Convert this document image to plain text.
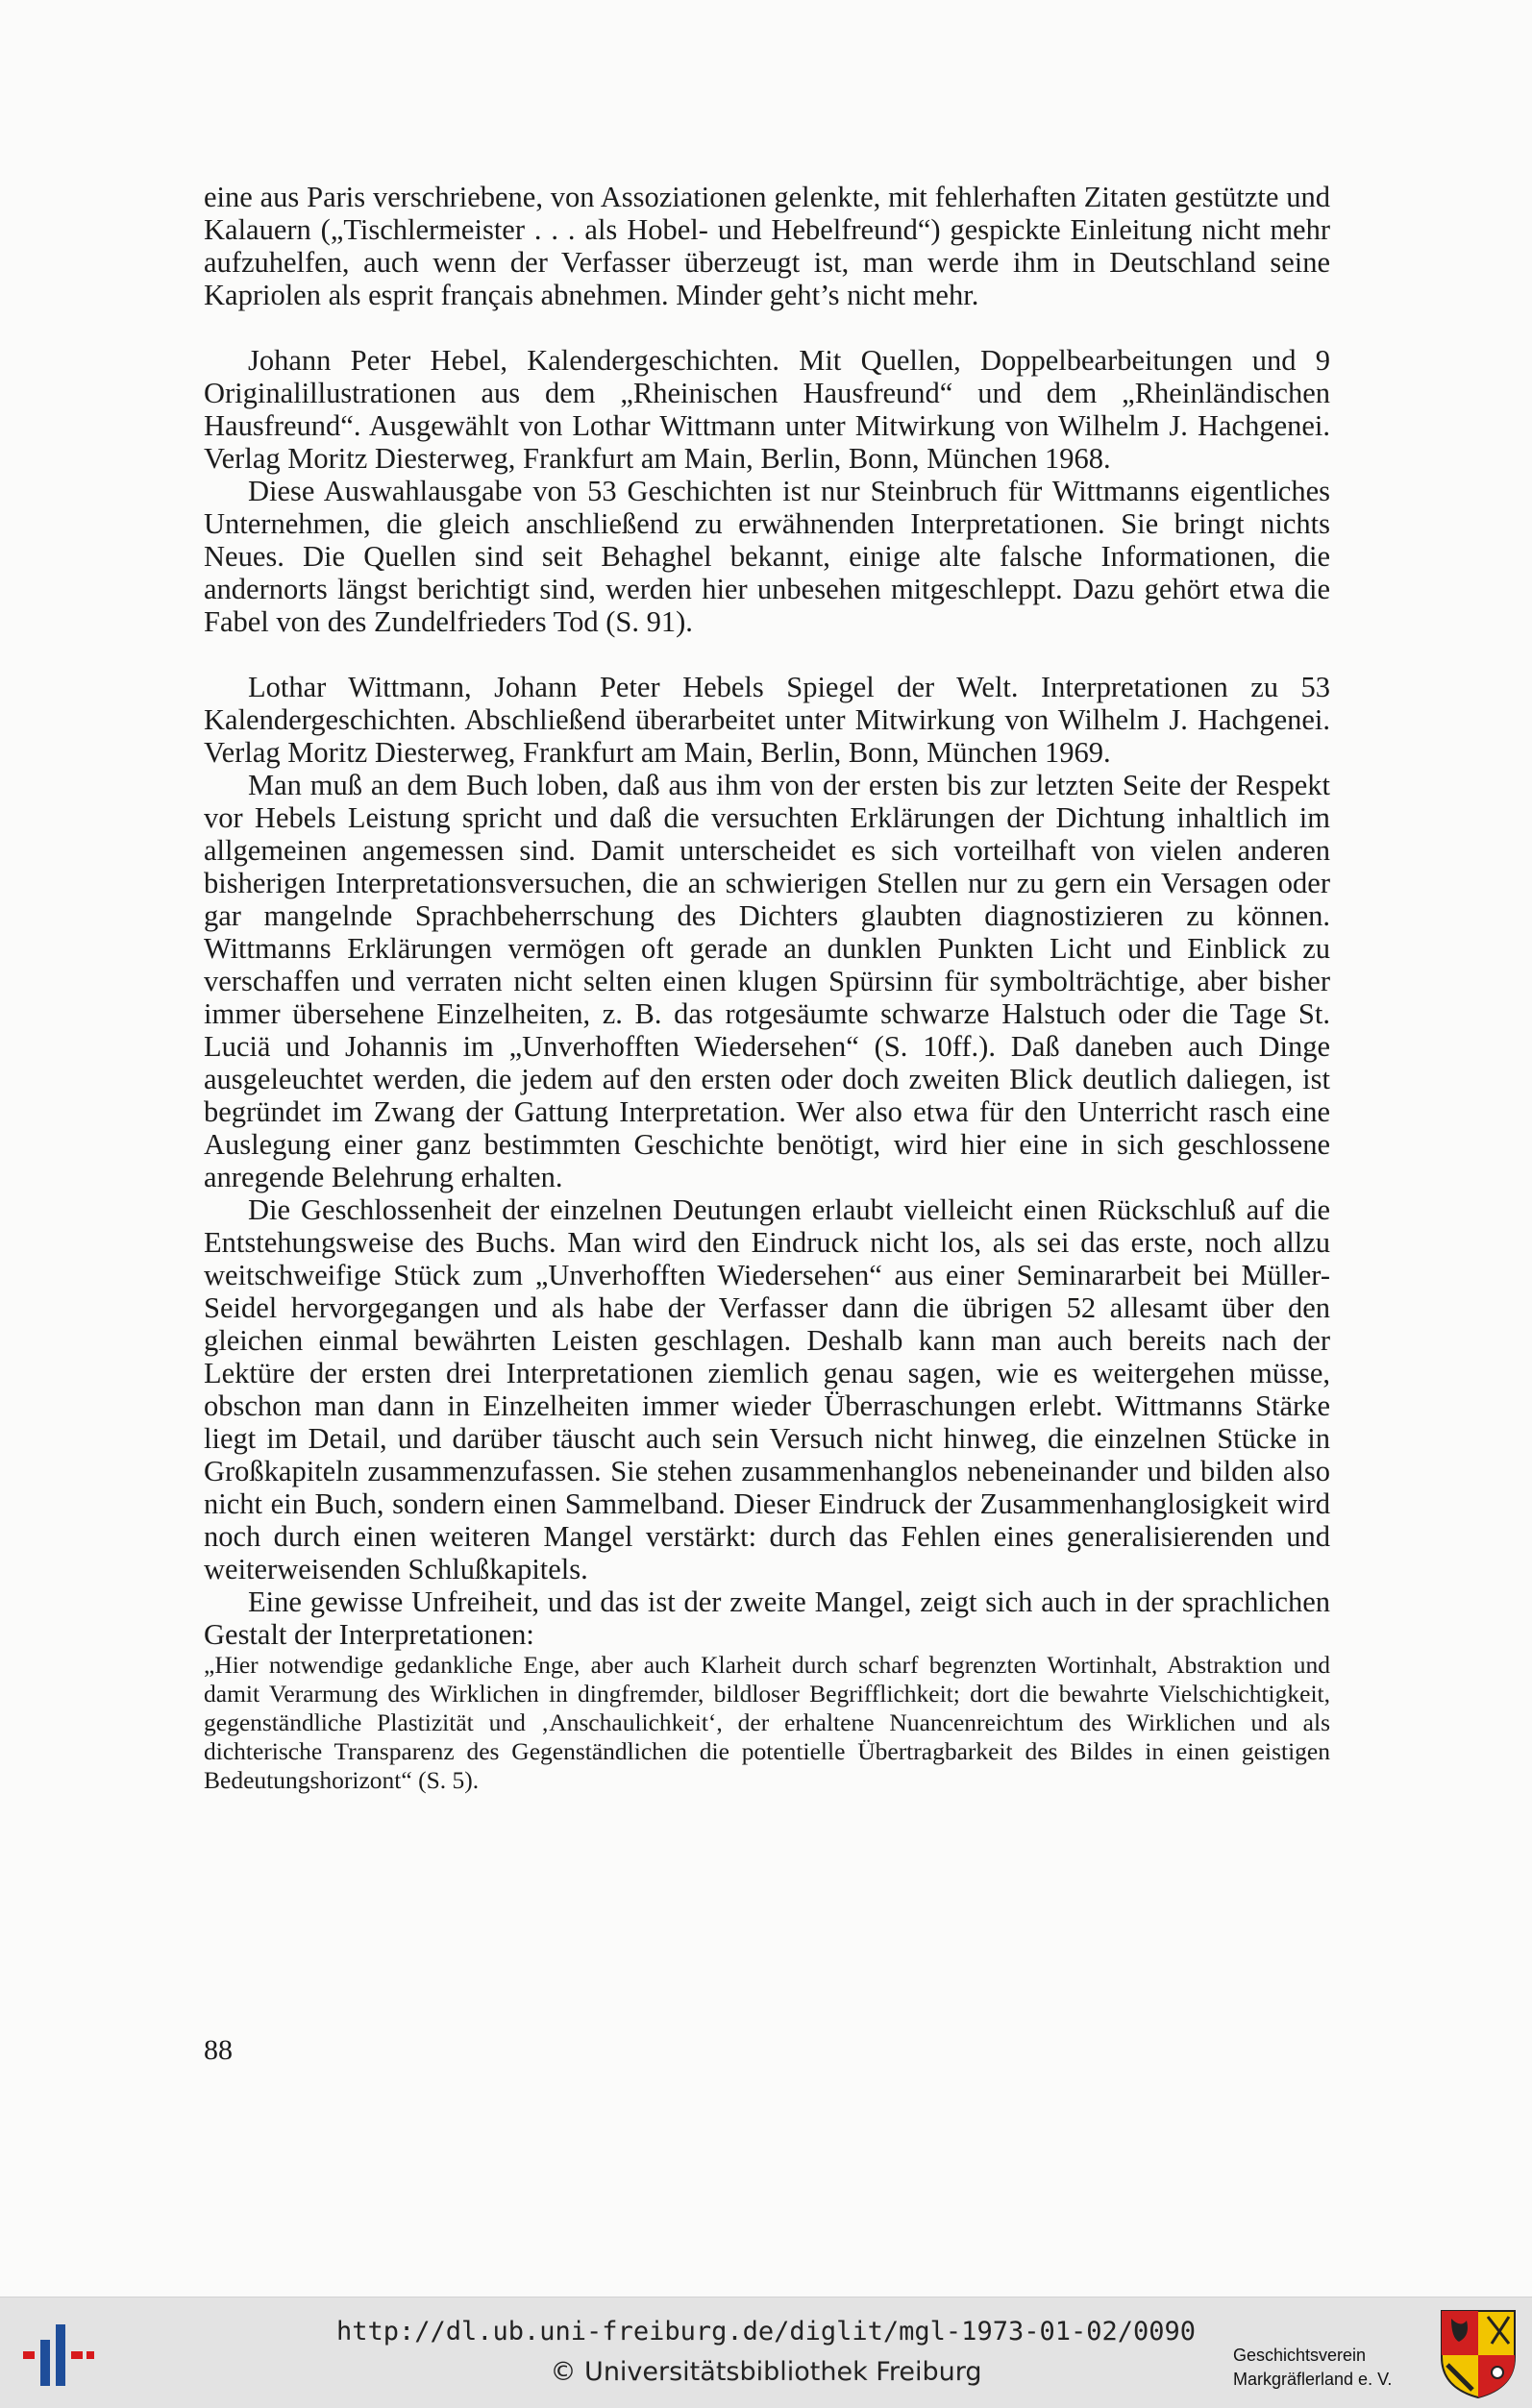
eine aus Paris verschriebene, von Assoziationen gelenkte, mit fehlerhaften Zitaten gestützte und Kalauern („Tischlermeister . . . als Hobel- und Hebelfreund“) gespickte Einleitung nicht mehr aufzuhelfen, auch wenn der Verfasser überzeugt ist, man werde ihm in Deutschland seine Kapriolen als esprit français abnehmen. Minder geht’s nicht mehr.

Johann Peter Hebel, Kalendergeschichten. Mit Quellen, Doppelbearbeitungen und 9 Originalillustrationen aus dem „Rheinischen Hausfreund“ und dem „Rheinländischen Hausfreund“. Ausgewählt von Lothar Wittmann unter Mitwirkung von Wilhelm J. Hachgenei. Verlag Moritz Diesterweg, Frankfurt am Main, Berlin, Bonn, München 1968.

Diese Auswahlausgabe von 53 Geschichten ist nur Steinbruch für Wittmanns eigentliches Unternehmen, die gleich anschließend zu erwähnenden Interpretationen. Sie bringt nichts Neues. Die Quellen sind seit Behaghel bekannt, einige alte falsche Informationen, die andernorts längst berichtigt sind, werden hier unbesehen mitgeschleppt. Dazu gehört etwa die Fabel von des Zundelfrieders Tod (S. 91).

Lothar Wittmann, Johann Peter Hebels Spiegel der Welt. Interpretationen zu 53 Kalendergeschichten. Abschließend überarbeitet unter Mitwirkung von Wilhelm J. Hachgenei. Verlag Moritz Diesterweg, Frankfurt am Main, Berlin, Bonn, München 1969.

Man muß an dem Buch loben, daß aus ihm von der ersten bis zur letzten Seite der Respekt vor Hebels Leistung spricht und daß die versuchten Erklärungen der Dichtung inhaltlich im allgemeinen angemessen sind. Damit unterscheidet es sich vorteilhaft von vielen anderen bisherigen Interpretationsversuchen, die an schwierigen Stellen nur zu gern ein Versagen oder gar mangelnde Sprachbeherrschung des Dichters glaubten diagnostizieren zu können. Wittmanns Erklärungen vermögen oft gerade an dunklen Punkten Licht und Einblick zu verschaffen und verraten nicht selten einen klugen Spürsinn für symbolträchtige, aber bisher immer übersehene Einzelheiten, z. B. das rotgesäumte schwarze Halstuch oder die Tage St. Luciä und Johannis im „Unverhofften Wiedersehen“ (S. 10ff.). Daß daneben auch Dinge ausgeleuchtet werden, die jedem auf den ersten oder doch zweiten Blick deutlich daliegen, ist begründet im Zwang der Gattung Interpretation. Wer also etwa für den Unterricht rasch eine Auslegung einer ganz bestimmten Geschichte benötigt, wird hier eine in sich geschlossene anregende Belehrung erhalten.

Die Geschlossenheit der einzelnen Deutungen erlaubt vielleicht einen Rückschluß auf die Entstehungsweise des Buchs. Man wird den Eindruck nicht los, als sei das erste, noch allzu weitschweifige Stück zum „Unverhofften Wiedersehen“ aus einer Seminararbeit bei Müller-Seidel hervorgegangen und als habe der Verfasser dann die übrigen 52 allesamt über den gleichen einmal bewährten Leisten geschlagen. Deshalb kann man auch bereits nach der Lektüre der ersten drei Interpretationen ziemlich genau sagen, wie es weitergehen müsse, obschon man dann in Einzelheiten immer wieder Überraschungen erlebt. Wittmanns Stärke liegt im Detail, und darüber täuscht auch sein Versuch nicht hinweg, die einzelnen Stücke in Großkapiteln zusammenzufassen. Sie stehen zusammenhanglos nebeneinander und bilden also nicht ein Buch, sondern einen Sammelband. Dieser Eindruck der Zusammenhanglosigkeit wird noch durch einen weiteren Mangel verstärkt: durch das Fehlen eines generalisierenden und weiterweisenden Schlußkapitels.

Eine gewisse Unfreiheit, und das ist der zweite Mangel, zeigt sich auch in der sprachlichen Gestalt der Interpretationen:

„Hier notwendige gedankliche Enge, aber auch Klarheit durch scharf begrenzten Wortinhalt, Abstraktion und damit Verarmung des Wirklichen in dingfremder, bildloser Begrifflichkeit; dort die bewahrte Vielschichtigkeit, gegenständliche Plastizität und ‚Anschaulichkeit‘, der erhaltene Nuancenreichtum des Wirklichen und als dichterische Transparenz des Gegenständlichen die potentielle Übertragbarkeit des Bildes in einen geistigen Bedeutungshorizont“ (S. 5).

88
http://dl.ub.uni-freiburg.de/diglit/mgl-1973-01-02/0090
© Universitätsbibliothek Freiburg
Geschichtsverein
Markgräflerland e. V.
